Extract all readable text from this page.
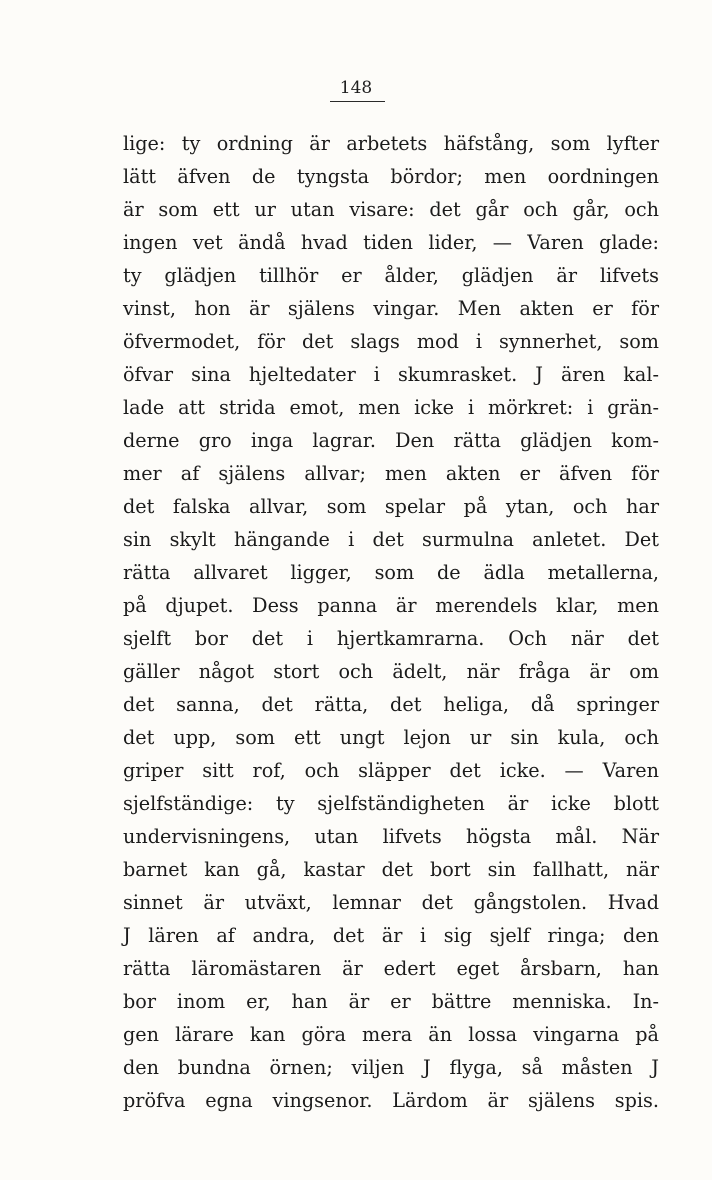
148
lige: ty ordning är arbetets häfstång, som lyfter
lätt äfven de tyngsta bördor; men oordningen
är som ett ur utan visare: det går och går, och
ingen vet ändå hvad tiden lider, — Varen glade:
ty glädjen tillhör er ålder, glädjen är lifvets
vinst, hon är själens vingar. Men akten er för
öfvermodet, för det slags mod i synnerhet, som
öfvar sina hjeltedater i skumrasket. J ären kal-
lade att strida emot, men icke i mörkret: i grän-
derne gro inga lagrar. Den rätta glädjen kom-
mer af själens allvar; men akten er äfven för
det falska allvar, som spelar på ytan, och har
sin skylt hängande i det surmulna anletet. Det
rätta allvaret ligger, som de ädla metallerna,
på djupet. Dess panna är merendels klar, men
sjelft bor det i hjertkamrarna. Och när det
gäller något stort och ädelt, när fråga är om
det sanna, det rätta, det heliga, då springer
det upp, som ett ungt lejon ur sin kula, och
griper sitt rof, och släpper det icke. — Varen
sjelfständige: ty sjelfständigheten är icke blott
undervisningens, utan lifvets högsta mål. När
barnet kan gå, kastar det bort sin fallhatt, när
sinnet är utväxt, lemnar det gångstolen. Hvad
J lären af andra, det är i sig sjelf ringa; den
rätta läromästaren är edert eget årsbarn, han
bor inom er, han är er bättre menniska. In-
gen lärare kan göra mera än lossa vingarna på
den bundna örnen; viljen J flyga, så måsten J
pröfva egna vingsenor. Lärdom är själens spis.
